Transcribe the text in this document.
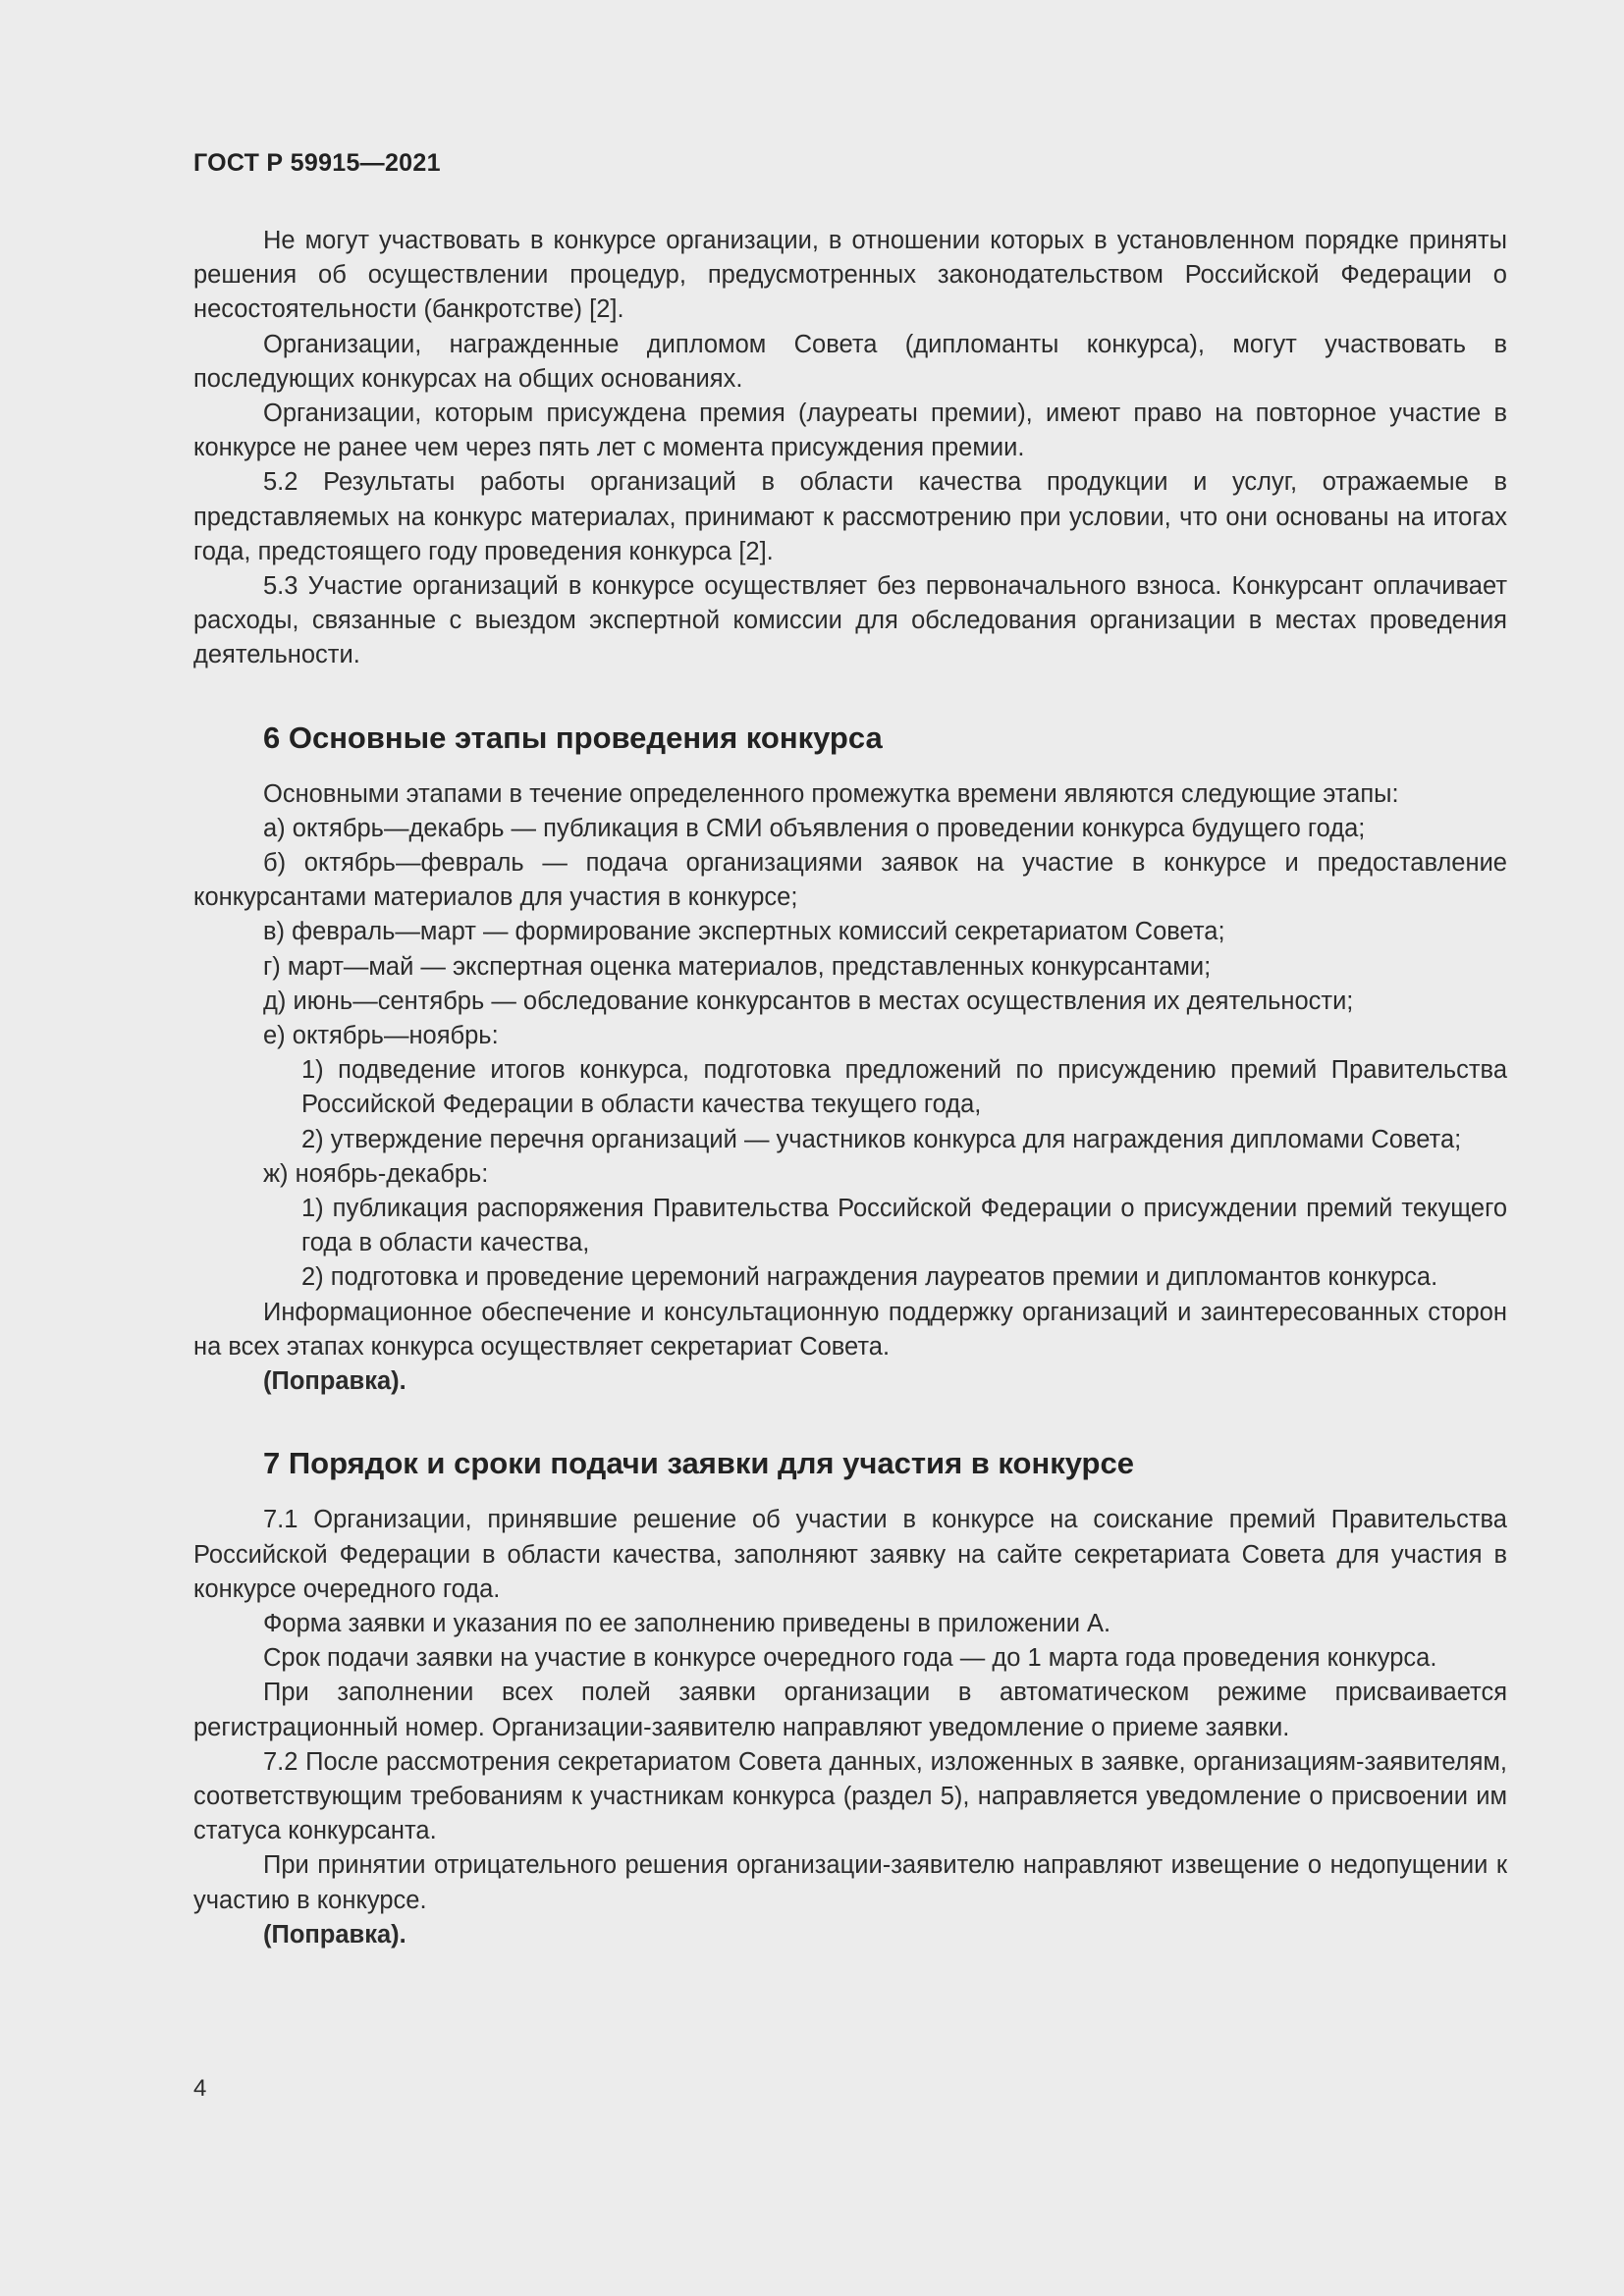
ГОСТ Р 59915—2021

Не могут участвовать в конкурсе организации, в отношении которых в установленном порядке приняты решения об осуществлении процедур, предусмотренных законодательством Российской Федерации о несостоятельности (банкротстве) [2].

Организации, награжденные дипломом Совета (дипломанты конкурса), могут участвовать в последующих конкурсах на общих основаниях.

Организации, которым присуждена премия (лауреаты премии), имеют право на повторное участие в конкурсе не ранее чем через пять лет с момента присуждения премии.

5.2 Результаты работы организаций в области качества продукции и услуг, отражаемые в представляемых на конкурс материалах, принимают к рассмотрению при условии, что они основаны на итогах года, предстоящего году проведения конкурса [2].

5.3 Участие организаций в конкурсе осуществляет без первоначального взноса. Конкурсант оплачивает расходы, связанные с выездом экспертной комиссии для обследования организации в местах проведения деятельности.

6 Основные этапы проведения конкурса

Основными этапами в течение определенного промежутка времени являются следующие этапы:

а) октябрь—декабрь — публикация в СМИ объявления о проведении конкурса будущего года;

б) октябрь—февраль — подача организациями заявок на участие в конкурсе и предоставление конкурсантами материалов для участия в конкурсе;

в) февраль—март — формирование экспертных комиссий секретариатом Совета;

г) март—май — экспертная оценка материалов, представленных конкурсантами;

д) июнь—сентябрь — обследование конкурсантов в местах осуществления их деятельности;

е) октябрь—ноябрь:

1) подведение итогов конкурса, подготовка предложений по присуждению премий Правительства Российской Федерации в области качества текущего года,

2) утверждение перечня организаций — участников конкурса для награждения дипломами Совета;

ж) ноябрь-декабрь:

1) публикация распоряжения Правительства Российской Федерации о присуждении премий текущего года в области качества,

2) подготовка и проведение церемоний награждения лауреатов премии и дипломантов конкурса.

Информационное обеспечение и консультационную поддержку организаций и заинтересованных сторон на всех этапах конкурса осуществляет секретариат Совета.

(Поправка).

7 Порядок и сроки подачи заявки для участия в конкурсе

7.1 Организации, принявшие решение об участии в конкурсе на соискание премий Правительства Российской Федерации в области качества, заполняют заявку на сайте секретариата Совета для участия в конкурсе очередного года.

Форма заявки и указания по ее заполнению приведены в приложении А.

Срок подачи заявки на участие в конкурсе очередного года — до 1 марта года проведения конкурса.

При заполнении всех полей заявки организации в автоматическом режиме присваивается регистрационный номер. Организации-заявителю направляют уведомление о приеме заявки.

7.2 После рассмотрения секретариатом Совета данных, изложенных в заявке, организациям-заявителям, соответствующим требованиям к участникам конкурса (раздел 5), направляется уведомление о присвоении им статуса конкурсанта.

При принятии отрицательного решения организации-заявителю направляют извещение о недопущении к участию в конкурсе.

(Поправка).

4
